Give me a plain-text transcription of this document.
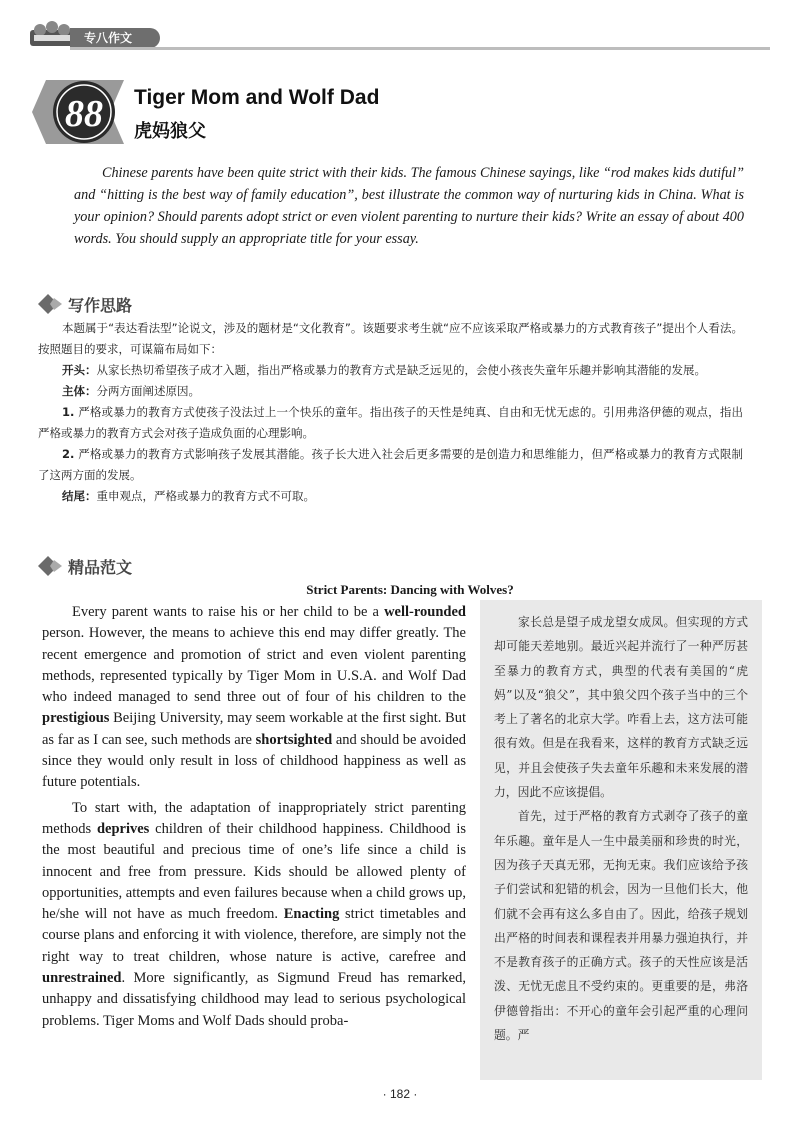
专八作文
88 Tiger Mom and Wolf Dad
虎妈狼父

Chinese parents have been quite strict with their kids. The famous Chinese sayings, like “rod makes kids dutiful” and “hitting is the best way of family education”, best illustrate the common way of nurturing kids in China. What is your opinion? Should parents adopt strict or even violent parenting to nurture their kids? Write an essay of about 400 words. You should supply an appropriate title for your essay.

写作思路

本题属于“表达看法型”论说文，涉及的题材是“文化教育”。该题要求考生就“应不应该采取严格或暴力的方式教育孩子”提出个人看法。按照题目的要求，可谋篇布局如下：

开头：从家长热切希望孩子成才入题，指出严格或暴力的教育方式是缺乏远见的，会使小孩丧失童年乐趣并影响其潜能的发展。

主体：分两方面阐述原因。

1. 严格或暴力的教育方式使孩子没法过上一个快乐的童年。指出孩子的天性是纯真、自由和无忧无虑的。引用弗洛伊德的观点，指出严格或暴力的教育方式会对孩子造成负面的心理影响。

2. 严格或暴力的教育方式影响孩子发展其潜能。孩子长大进入社会后更多需要的是创造力和思维能力，但严格或暴力的教育方式限制了这两方面的发展。

结尾：重申观点，严格或暴力的教育方式不可取。

精品范文
Strict Parents: Dancing with Wolves?

Every parent wants to raise his or her child to be a well-rounded person. However, the means to achieve this end may differ greatly. The recent emergence and promotion of strict and even violent parenting methods, represented typically by Tiger Mom in U.S.A. and Wolf Dad who indeed managed to send three out of four of his children to the prestigious Beijing University, may seem workable at the first sight. But as far as I can see, such methods are shortsighted and should be avoided since they would only result in loss of childhood happiness as well as future potentials.

To start with, the adaptation of inappropriately strict parenting methods deprives children of their childhood happiness. Childhood is the most beautiful and precious time of one’s life since a child is innocent and free from pressure. Kids should be allowed plenty of opportunities, attempts and even failures because when a child grows up, he/she will not have as much freedom. Enacting strict timetables and course plans and enforcing it with violence, therefore, are simply not the right way to treat children, whose nature is active, carefree and unrestrained. More significantly, as Sigmund Freud has remarked, unhappy and dissatisfying childhood may lead to serious psychological problems. Tiger Moms and Wolf Dads should proba-

家长总是望子成龙望女成凤。但实现的方式却可能天差地别。最近兴起并流行了一种严厉甚至暴力的教育方式，典型的代表有美国的“虎妈”以及“狼父”，其中狼父四个孩子当中的三个考上了著名的北京大学。咋看上去，这方法可能很有效。但是在我看来，这样的教育方式缺乏远见，并且会使孩子失去童年乐趣和未来发展的潜力，因此不应该提倡。

首先，过于严格的教育方式剥夺了孩子的童年乐趣。童年是人一生中最美丽和珍贵的时光，因为孩子天真无邪，无拘无束。我们应该给予孩子们尝试和犯错的机会，因为一旦他们长大，他们就不会再有这么多自由了。因此，给孩子规划出严格的时间表和课程表并用暴力强迫执行，并不是教育孩子的正确方式。孩子的天性应该是活泼、无忧无虑且不受约束的。更重要的是，弗洛伊德曾指出：不开心的童年会引起严重的心理问题。严

· 182 ·
